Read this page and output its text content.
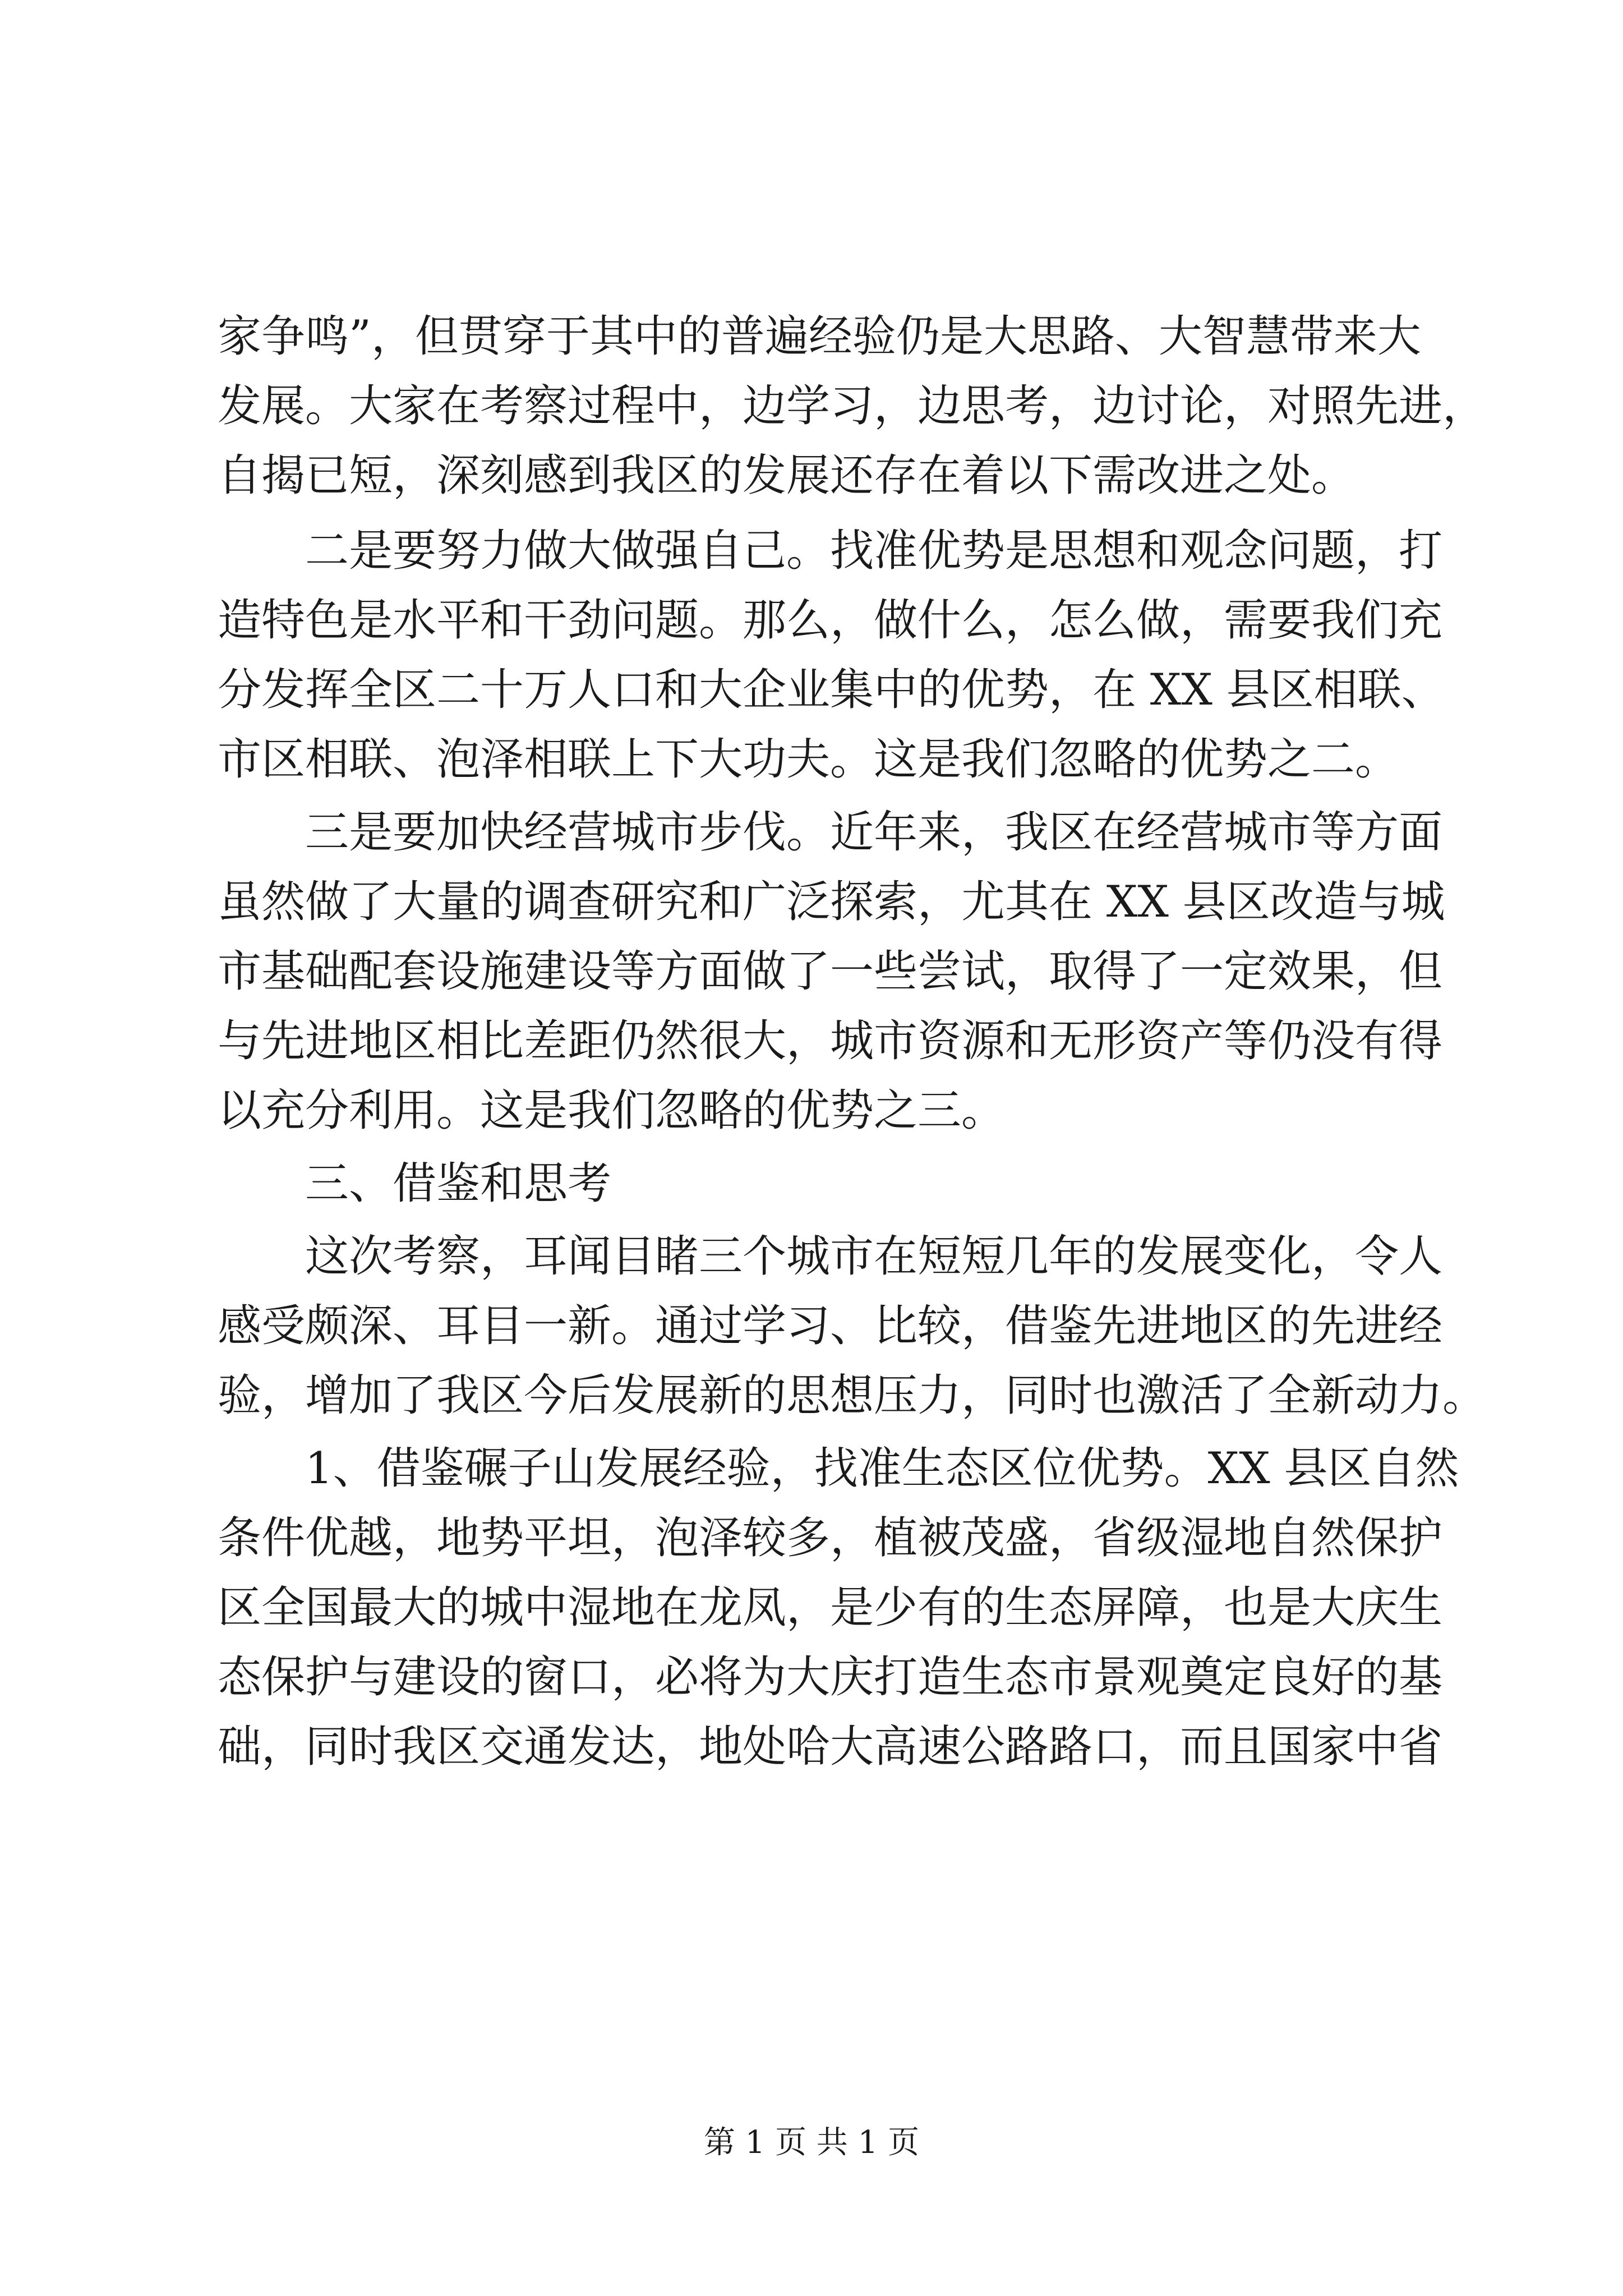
家争鸣”，但贯穿于其中的普遍经验仍是大思路、大智慧带来大
发展。大家在考察过程中，边学习，边思考，边讨论，对照先进，
自揭已短，深刻感到我区的发展还存在着以下需改进之处。
二是要努力做大做强自己。找准优势是思想和观念问题，打
造特色是水平和干劲问题。那么，做什么，怎么做，需要我们充
分发挥全区二十万人口和大企业集中的优势，在 XX 县区相联、
市区相联、泡泽相联上下大功夫。这是我们忽略的优势之二。
三是要加快经营城市步伐。近年来，我区在经营城市等方面
虽然做了大量的调查研究和广泛探索，尤其在 XX 县区改造与城
市基础配套设施建设等方面做了一些尝试，取得了一定效果，但
与先进地区相比差距仍然很大，城市资源和无形资产等仍没有得
以充分利用。这是我们忽略的优势之三。
三、借鉴和思考
这次考察，耳闻目睹三个城市在短短几年的发展变化，令人
感受颇深、耳目一新。通过学习、比较，借鉴先进地区的先进经
验，增加了我区今后发展新的思想压力，同时也激活了全新动力。
1、借鉴碾子山发展经验，找准生态区位优势。XX 县区自然
条件优越，地势平坦，泡泽较多，植被茂盛，省级湿地自然保护
区全国最大的城中湿地在龙凤，是少有的生态屏障，也是大庆生
态保护与建设的窗口，必将为大庆打造生态市景观奠定良好的基
础，同时我区交通发达，地处哈大高速公路路口，而且国家中省
第 1 页 共 1 页
